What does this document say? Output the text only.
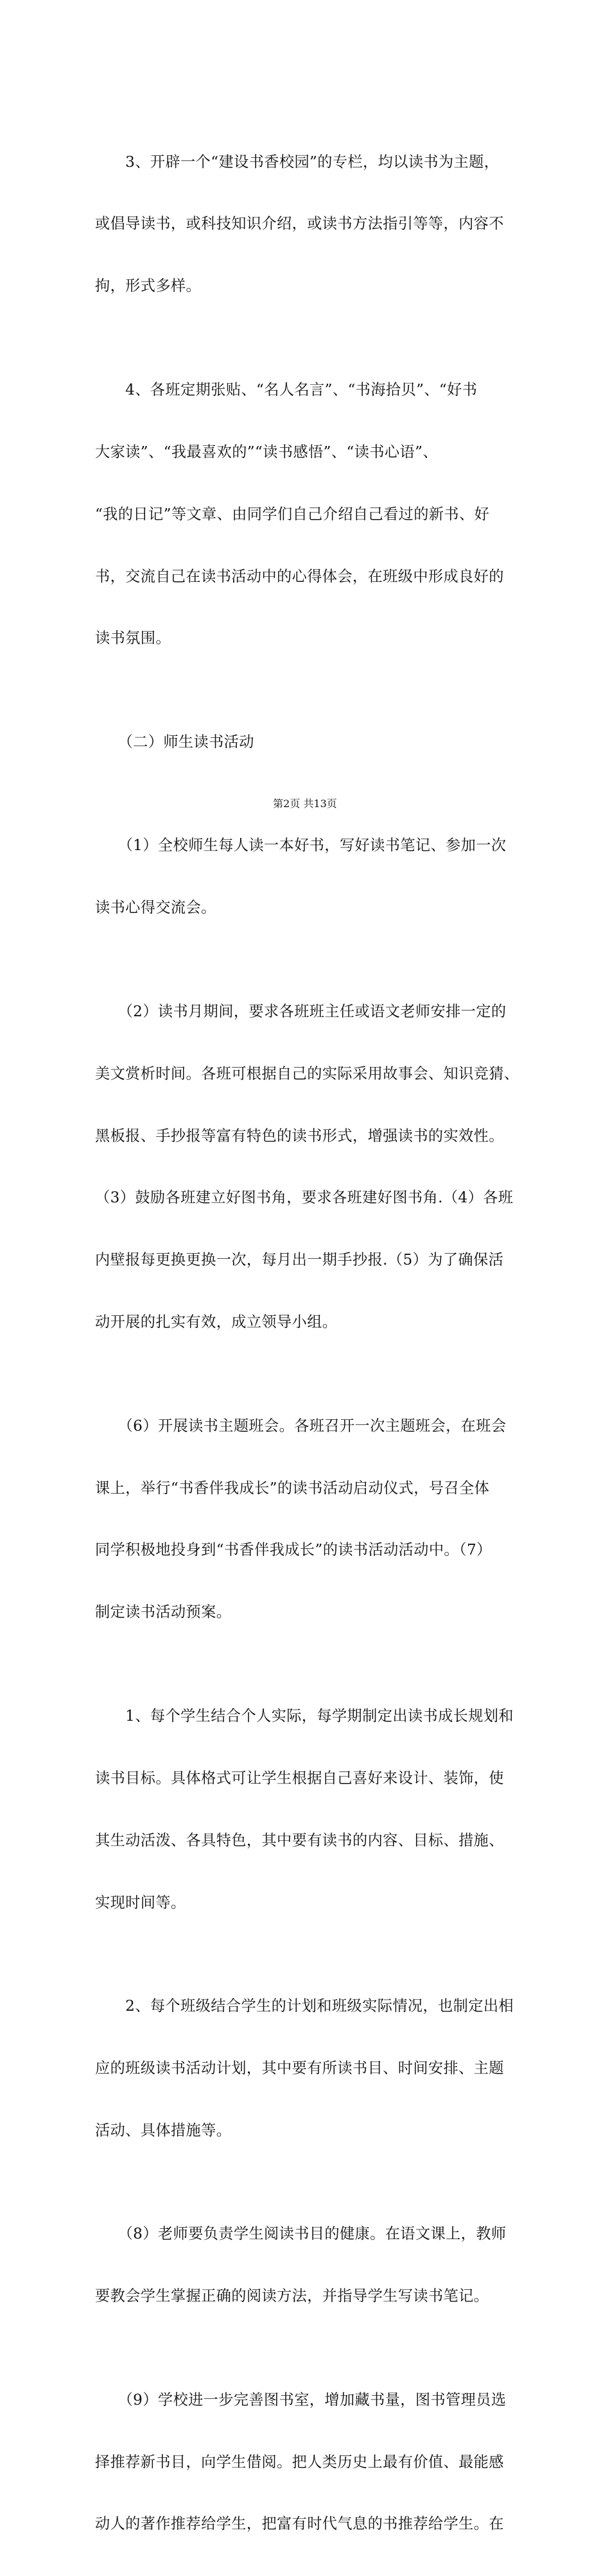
　　3、开辟一个“建设书香校园”的专栏，均以读书为主题，

或倡导读书，或科技知识介绍，或读书方法指引等等，内容不

拘，形式多样。

　　4、各班定期张贴、“名人名言”、“书海拾贝”、“好书

大家读”、“我最喜欢的”“读书感悟”、“读书心语”、

“我的日记”等文章、由同学们自己介绍自己看过的新书、好

书，交流自己在读书活动中的心得体会，在班级中形成良好的

读书氛围。

　　（二）师生读书活动

　　（1）全校师生每人读一本好书，写好读书笔记、参加一次

读书心得交流会。

　　（2）读书月期间，要求各班班主任或语文老师安排一定的

美文赏析时间。各班可根据自己的实际采用故事会、知识竞猜、

黑板报、手抄报等富有特色的读书形式，增强读书的实效性。

（3）鼓励各班建立好图书角，要求各班建好图书角.（4）各班

内壁报每更换更换一次，每月出一期手抄报.（5）为了确保活

动开展的扎实有效，成立领导小组。

　　（6）开展读书主题班会。各班召开一次主题班会，在班会

课上，举行“书香伴我成长”的读书活动启动仪式，号召全体

同学积极地投身到“书香伴我成长”的读书活动活动中。（7）

制定读书活动预案。

　　1、每个学生结合个人实际，每学期制定出读书成长规划和

读书目标。具体格式可让学生根据自己喜好来设计、装饰，使

其生动活泼、各具特色，其中要有读书的内容、目标、措施、

实现时间等。

　　2、每个班级结合学生的计划和班级实际情况，也制定出相

应的班级读书活动计划，其中要有所读书目、时间安排、主题

活动、具体措施等。

　　（8）老师要负责学生阅读书目的健康。在语文课上，教师

要教会学生掌握正确的阅读方法，并指导学生写读书笔记。

　　（9）学校进一步完善图书室，增加藏书量，图书管理员选

择推荐新书目，向学生借阅。把人类历史上最有价值、最能感

动人的著作推荐给学生，把富有时代气息的书推荐给学生。在

第2页 共13页
